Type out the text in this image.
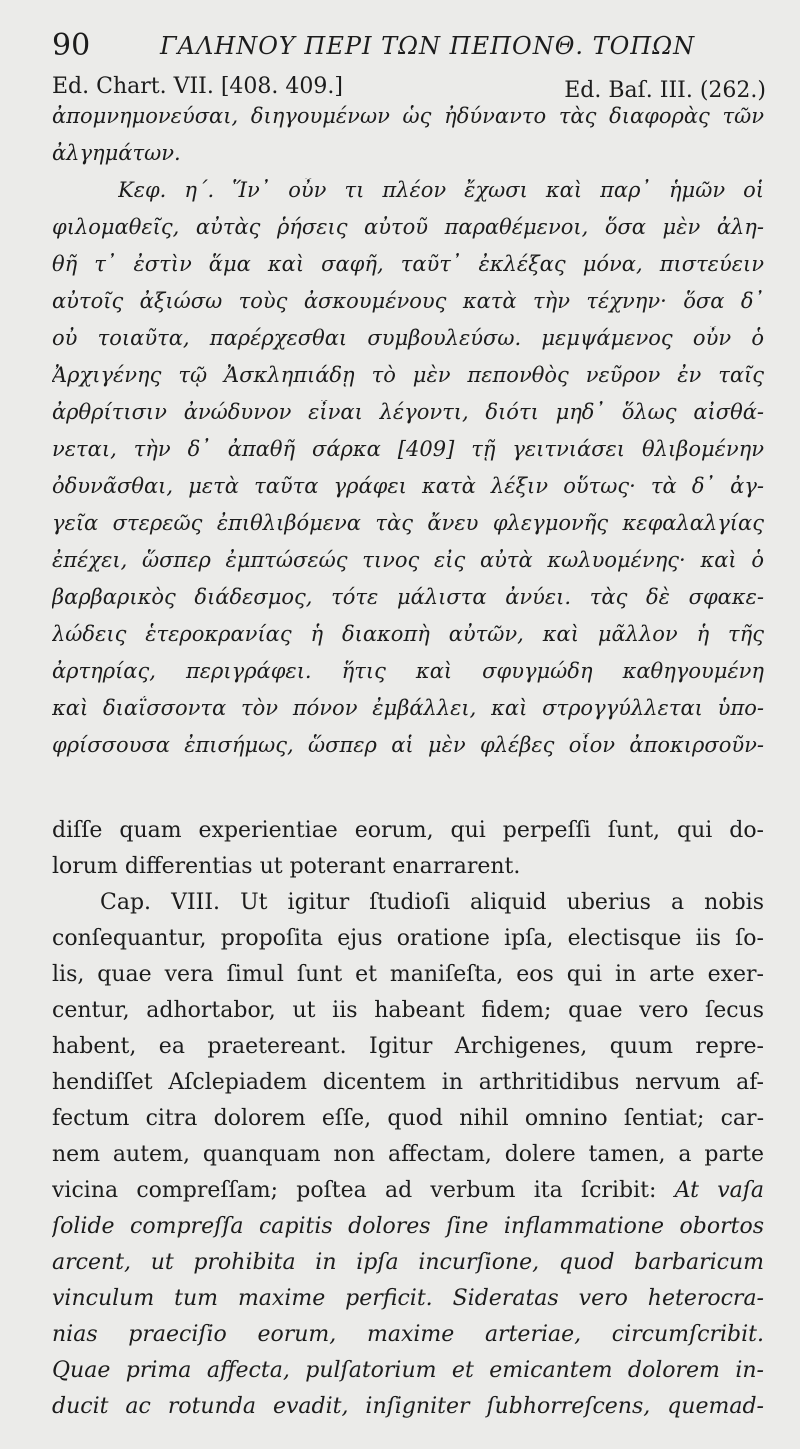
90	ΓΑΛΗΝΟΥ ΠΕΡΙ ΤΩΝ ΠΕΠΟΝΘ. ΤΟΠΩΝ
Ed. Chart. VII. [408. 409.]	Ed. Baſ. III. (262.)
ἀπομνημονεύσαι, διηγουμένων ὡς ἠδύναντο τὰς διαφορὰς τῶν
ἀλγημάτων.
Κεφ. η΄. Ἵν᾽ οὖν τι πλέον ἔχωσι καὶ παρ᾽ ἡμῶν οἱ
φιλομαθεῖς, αὐτὰς ῥήσεις αὐτοῦ παραθέμενοι, ὅσα μὲν ἀλη-
θῆ τ᾽ ἐστὶν ἅμα καὶ σαφῆ, ταῦτ᾽ ἐκλέξας μόνα, πιστεύειν
αὐτοῖς ἀξιώσω τοὺς ἀσκουμένους κατὰ τὴν τέχνην· ὅσα δ᾽
οὐ τοιαῦτα, παρέρχεσθαι συμβουλεύσω. μεμψάμενος οὖν ὁ
Ἀρχιγένης τῷ Ἀσκληπιάδῃ τὸ μὲν πεπονθὸς νεῦρον ἐν ταῖς
ἀρθρίτισιν ἀνώδυνον εἶναι λέγοντι, διότι μηδ᾽ ὅλως αἰσθά-
νεται, τὴν δ᾽ ἀπαθῆ σάρκα [409] τῇ γειτνιάσει θλιβομένην
ὀδυνᾶσθαι, μετὰ ταῦτα γράφει κατὰ λέξιν οὕτως· τὰ δ᾽ ἀγ-
γεῖα στερεῶς ἐπιθλιβόμενα τὰς ἄνευ φλεγμονῆς κεφαλαλγίας
ἐπέχει, ὥσπερ ἐμπτώσεώς τινος εἰς αὐτὰ κωλυομένης· καὶ ὁ
βαρβαρικὸς διάδεσμος, τότε μάλιστα ἀνύει. τὰς δὲ σφακε-
λώδεις ἑτεροκρανίας ἡ διακοπὴ αὐτῶν, καὶ μᾶλλον ἡ τῆς
ἀρτηρίας, περιγράφει. ἥτις καὶ σφυγμώδη καθηγουμένη
καὶ διαΐσσοντα τὸν πόνον ἐμβάλλει, καὶ στρογγύλλεται ὑπο-
φρίσσουσα ἐπισήμως, ὥσπερ αἱ μὲν φλέβες οἷον ἀποκιρσοῦν-
diſſe quam experientiae eorum, qui perpeſſi ſunt, qui do-
lorum differentias ut poterant enarrarent.
Cap. VIII. Ut igitur ſtudioſi aliquid uberius a nobis
conſequantur, propoſita ejus oratione ipſa, electisque iis ſo-
lis, quae vera ſimul ſunt et maniſeſta, eos qui in arte exer-
centur, adhortabor, ut iis habeant fidem; quae vero ſecus
habent, ea praetereant. Igitur Archigenes, quum repre-
hendiſſet Aſclepiadem dicentem in arthritidibus nervum af-
fectum citra dolorem eſſe, quod nihil omnino ſentiat; car-
nem autem, quanquam non affectam, dolere tamen, a parte
vicina compreſſam; poſtea ad verbum ita ſcribit: At vaſa
ſolide compreſſa capitis dolores ſine inflammatione obortos
arcent, ut prohibita in ipſa incurſione, quod barbaricum
vinculum tum maxime perficit. Sideratas vero heterocra-
nias praeciſio eorum, maxime arteriae, circumſcribit.
Quae prima affecta, pulſatorium et emicantem dolorem in-
ducit ac rotunda evadit, inſigniter ſubhorreſcens, quemad-
